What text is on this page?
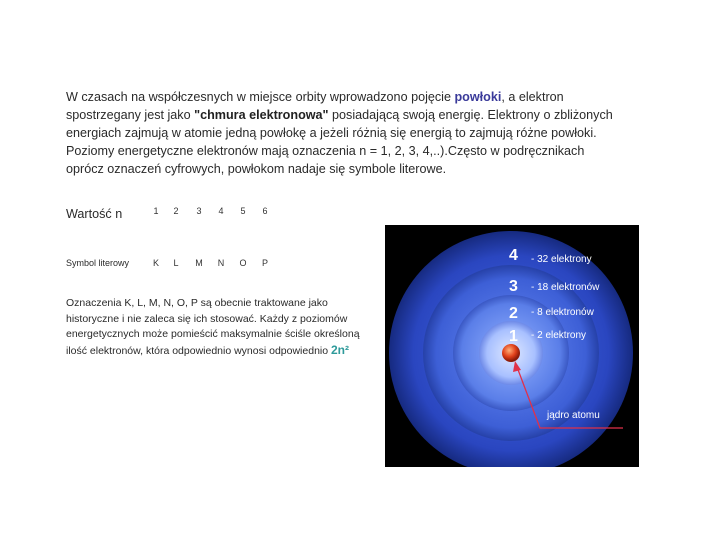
W czasach na współczesnych w miejsce orbity wprowadzono pojęcie powłoki, a elektron spostrzegany jest jako "chmura elektronowa" posiadającą swoją energię. Elektrony o zbliżonych energiach zajmują w atomie jedną powłokę a jeżeli różnią się energią to zajmują różne powłoki. Poziomy energetyczne elektronów mają oznaczenia n = 1, 2, 3, 4,..).Często w podręcznikach oprócz oznaczeń cyfrowych, powłokom nadaje się symbole literowe.
Wartość n	1	2	3	4	5	6
Symbol literowy	K	L	M	N	O	P
Oznaczenia K, L, M, N, O, P są obecnie traktowane jako historyczne i nie zaleca się ich stosować. Każdy z poziomów energetycznych może pomieścić maksymalnie ściśle określoną ilość elektronów, która odpowiednio wynosi odpowiednio 2n²
4 - 32 elektrony
3 - 18 elektronów
2 - 8 elektronów
1 - 2 elektrony
jądro atomu
